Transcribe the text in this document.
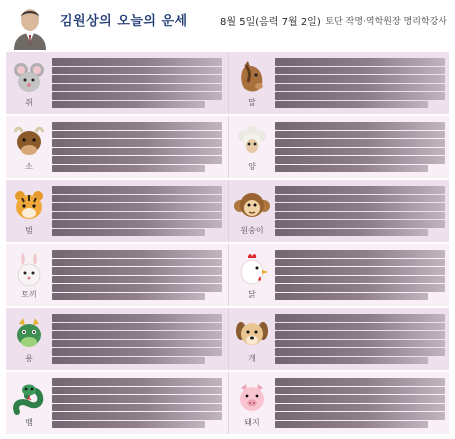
김원상의 오늘의 운세	8월 5일(음력 7월 2일) 토단 작명·역학원장 명리학강사
쥐	말
소	양
범	원숭이
토끼	닭
용	개
뱀	돼지
